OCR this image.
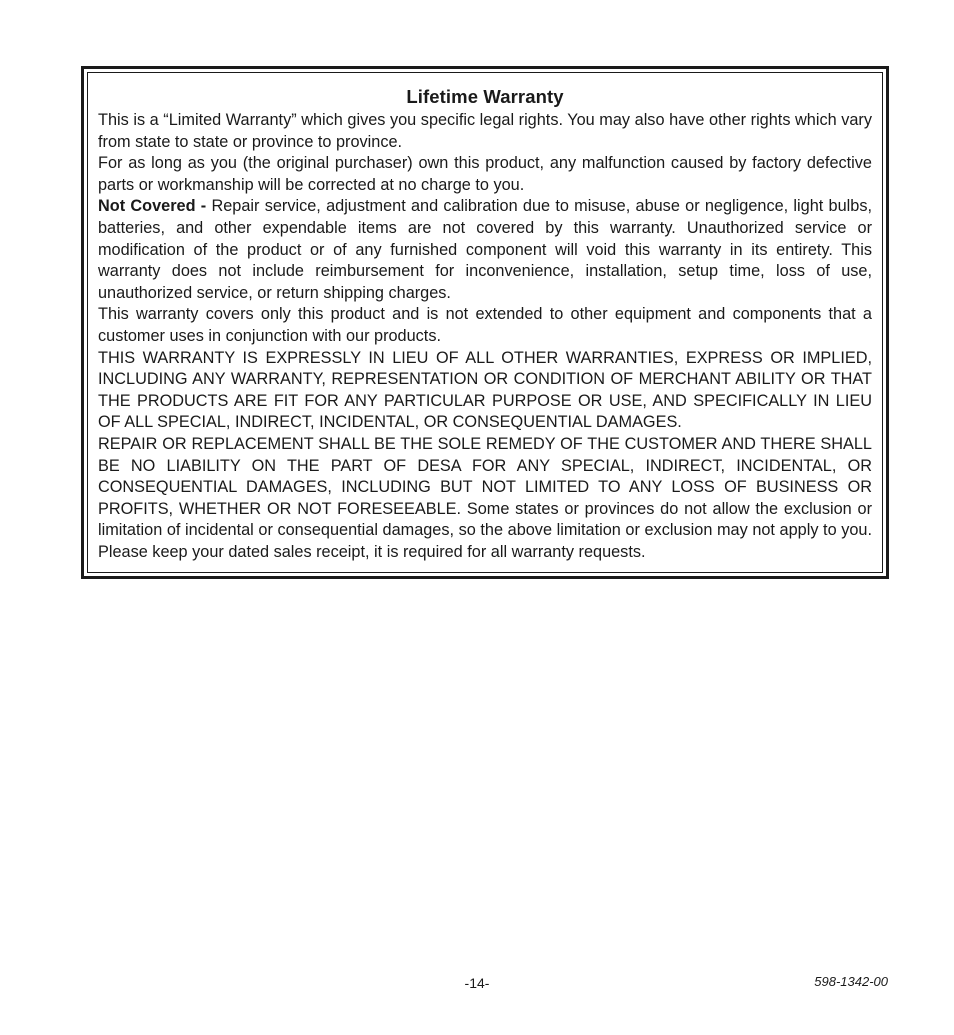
Lifetime Warranty

This is a “Limited Warranty” which gives you specific legal rights. You may also have other rights which vary from state to state or province to province.

For as long as you (the original purchaser) own this product, any malfunction caused by factory defective parts or workmanship will be corrected at no charge to you.

Not Covered - Repair service, adjustment and calibration due to misuse, abuse or negligence, light bulbs, batteries, and other expendable items are not covered by this warranty. Unauthorized service or modification of the product or of any furnished component will void this warranty in its entirety. This warranty does not include reimbursement for inconvenience, installation, setup time, loss of use, unauthorized service, or return shipping charges.

This warranty covers only this product and is not extended to other equipment and components that a customer uses in conjunction with our products.

THIS WARRANTY IS EXPRESSLY IN LIEU OF ALL OTHER WARRANTIES, EXPRESS OR IMPLIED, INCLUDING ANY WARRANTY, REPRESENTATION OR CONDITION OF MERCHANT ABILITY OR THAT THE PRODUCTS ARE FIT FOR ANY PARTICULAR PURPOSE OR USE, AND SPECIFICALLY IN LIEU OF ALL SPECIAL, INDIRECT, INCIDENTAL, OR CONSEQUENTIAL DAMAGES.

REPAIR OR REPLACEMENT SHALL BE THE SOLE REMEDY OF THE CUSTOMER AND THERE SHALL BE NO LIABILITY ON THE PART OF DESA FOR ANY SPECIAL, INDIRECT, INCIDENTAL, OR CONSEQUENTIAL DAMAGES, INCLUDING BUT NOT LIMITED TO ANY LOSS OF BUSINESS OR PROFITS, WHETHER OR NOT FORESEEABLE. Some states or provinces do not allow the exclusion or limitation of incidental or consequential damages, so the above limitation or exclusion may not apply to you. Please keep your dated sales receipt, it is required for all warranty requests.

-14-	598-1342-00
